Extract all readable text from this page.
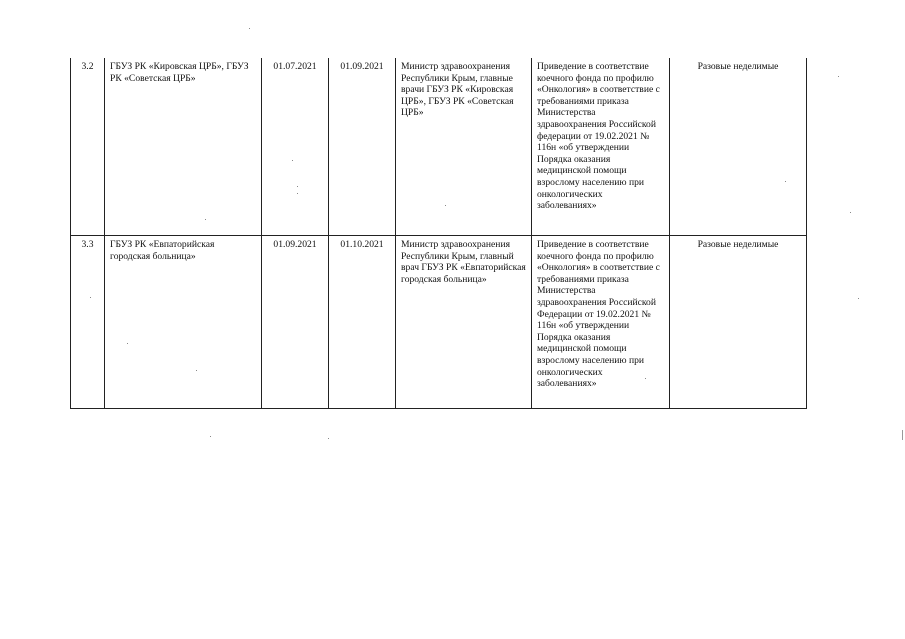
3.2	ГБУЗ РК «Кировская ЦРБ», ГБУЗ РК «Советская ЦРБ»	01.07.2021	01.09.2021	Министр здравоохранения Республики Крым, главные врачи ГБУЗ РК «Кировская ЦРБ», ГБУЗ РК «Советская ЦРБ»	Приведение в соответствие коечного фонда по профилю «Онкология» в соответствие с требованиями приказа Министерства здравоохранения Российской федерации от 19.02.2021 № 116н «об утверждении Порядка оказания медицинской помощи взрослому населению при онкологических заболеваниях»	Разовые неделимые
3.3	ГБУЗ РК «Евпаторийская городская больница»	01.09.2021	01.10.2021	Министр здравоохранения Республики Крым, главный врач ГБУЗ РК «Евпаторийская городская больница»	Приведение в соответствие коечного фонда по профилю «Онкология» в соответствие с требованиями приказа Министерства здравоохранения Российской Федерации от 19.02.2021 № 116н «об утверждении Порядка оказания медицинской помощи взрослому населению при онкологических заболеваниях»	Разовые неделимые
